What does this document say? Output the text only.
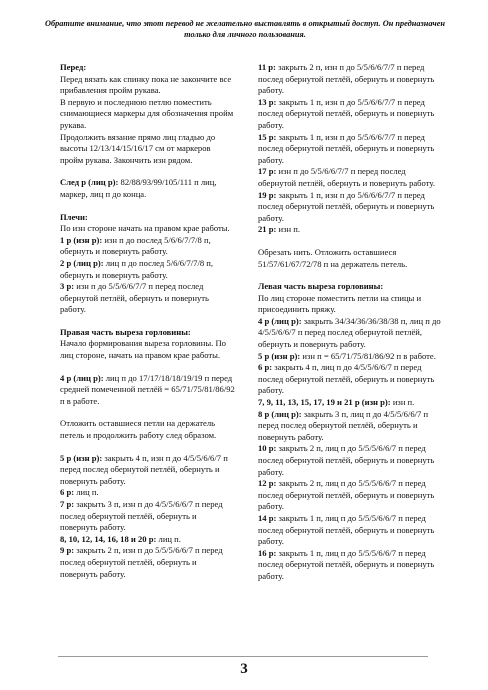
Обратите внимание, что этот перевод не желательно выставлять в открытый доступ. Он предназначен только для личного пользования.
Перед:
Перед вязать как спинку пока не закончите все прибавления пройм рукава.
В первую и последнюю петлю поместить снимающиеся маркеры для обозначения пройм рукава.
Продолжить вязание прямо лиц гладью до высоты 12/13/14/15/16/17 см от маркеров пройм рукава. Закончить изн рядом.
След р (лиц р): 82/88/93/99/105/111 п лиц, маркер, лиц п до конца.
Плечи:
По изн стороне начать на правом крае работы.
1 р (изн р): изн п до послед 5/6/6/7/7/8 п, обернуть и повернуть работу.
2 р (лиц р): лиц п до послед 5/6/6/7/7/8 п, обернуть и повернуть работу.
3 р: изн п до 5/5/6/6/7/7 п перед послед обернутой петлёй, обернуть и повернуть работу.
Правая часть выреза горловины:
Начало формирования выреза горловины. По лиц стороне, начать на правом крае работы.
4 р (лиц р): лиц п до 17/17/18/18/19/19 п перед средней помеченной петлёй = 65/71/75/81/86/92 п в работе.
Отложить оставшиеся петли на держатель петель и продолжить работу след образом.
5 р (изн р): закрыть 4 п, изн п до 4/5/5/6/6/7 п перед послед обернутой петлёй, обернуть и повернуть работу.
6 р: лиц п.
7 р: закрыть 3 п, изн п до 4/5/5/6/6/7 п перед послед обернутой петлёй, обернуть и повернуть работу.
8, 10, 12, 14, 16, 18 и 20 р: лиц п.
9 р: закрыть 2 п, изн п до 5/5/5/6/6/7 п перед послед обернутой петлёй, обернуть и повернуть работу.
11 р: закрыть 2 п, изн п до 5/5/6/6/7/7 п перед послед обернутой петлёй, обернуть и повернуть работу.
13 р: закрыть 1 п, изн п до 5/5/6/6/7/7 п перед послед обернутой петлёй, обернуть и повернуть работу.
15 р: закрыть 1 п, изн п до 5/5/6/6/7/7 п перед послед обернутой петлёй, обернуть и повернуть работу.
17 р: изн п до 5/5/6/6/7/7 п перед послед обернутой петлёй, обернуть и повернуть работу.
19 р: закрыть 1 п, изн п до 5/6/6/6/7/7 п перед послед обернутой петлёй, обернуть и повернуть работу.
21 р: изн п.
Обрезать нить. Отложить оставшиеся 51/57/61/67/72/78 п на держатель петель.
Левая часть выреза горловины:
По лиц стороне поместить петли на спицы и присоединить пряжу.
4 р (лиц р): закрыть 34/34/36/36/38/38 п, лиц п до 4/5/5/6/6/7 п перед послед обернутой петлёй, обернуть и повернуть работу.
5 р (изн р): изн п = 65/71/75/81/86/92 п в работе.
6 р: закрыть 4 п, лиц п до 4/5/5/6/6/7 п перед послед обернутой петлёй, обернуть и повернуть работу.
7, 9, 11, 13, 15, 17, 19 и 21 р (изн р): изн п.
8 р (лиц р): закрыть 3 п, лиц п до 4/5/5/6/6/7 п перед послед обернутой петлёй, обернуть и повернуть работу.
10 р: закрыть 2 п, лиц п до 5/5/5/6/6/7 п перед послед обернутой петлёй, обернуть и повернуть работу.
12 р: закрыть 2 п, лиц п до 5/5/5/6/6/7 п перед послед обернутой петлёй, обернуть и повернуть работу.
14 р: закрыть 1 п, лиц п до 5/5/5/6/6/7 п перед послед обернутой петлёй, обернуть и повернуть работу.
16 р: закрыть 1 п, лиц п до 5/5/5/6/6/7 п перед послед обернутой петлёй, обернуть и повернуть работу.
3
